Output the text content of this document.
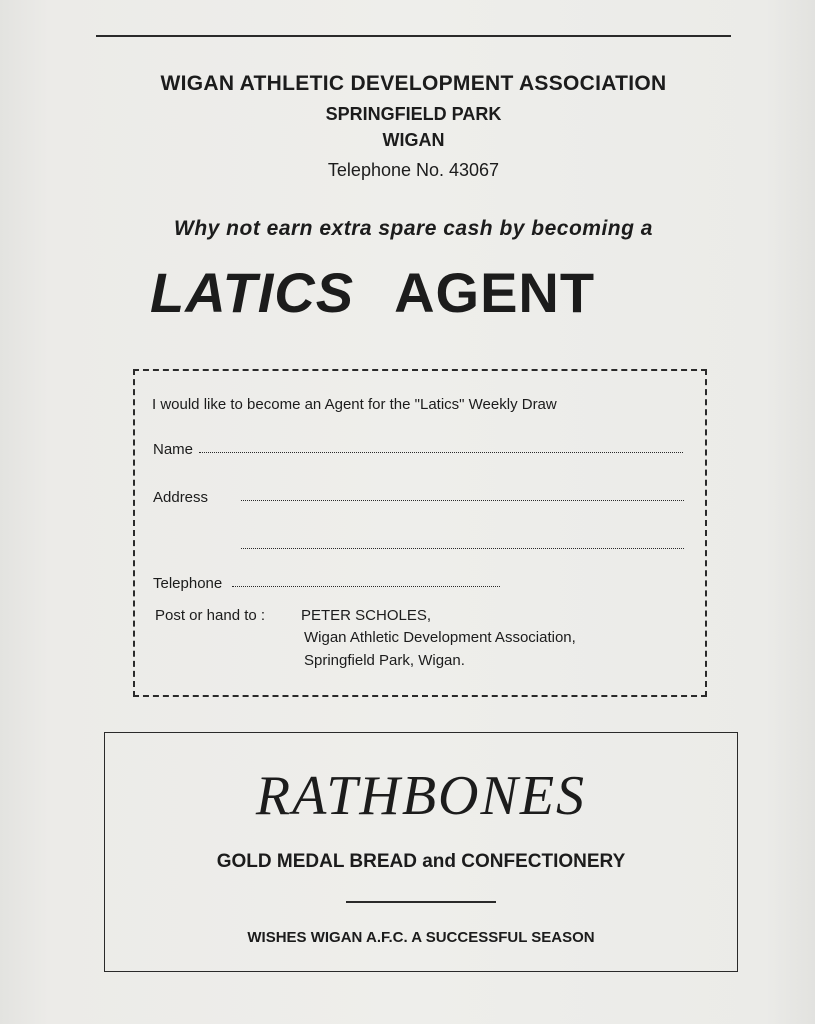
WIGAN ATHLETIC DEVELOPMENT ASSOCIATION
SPRINGFIELD PARK
WIGAN
Telephone No. 43067
Why not earn extra spare cash by becoming a
LATICS AGENT
I would like to become an Agent for the "Latics" Weekly Draw
Name
Address
Telephone
Post or hand to : PETER SCHOLES,
Wigan Athletic Development Association,
Springfield Park, Wigan.
RATHBONES
GOLD MEDAL BREAD and CONFECTIONERY
WISHES WIGAN A.F.C. A SUCCESSFUL SEASON
